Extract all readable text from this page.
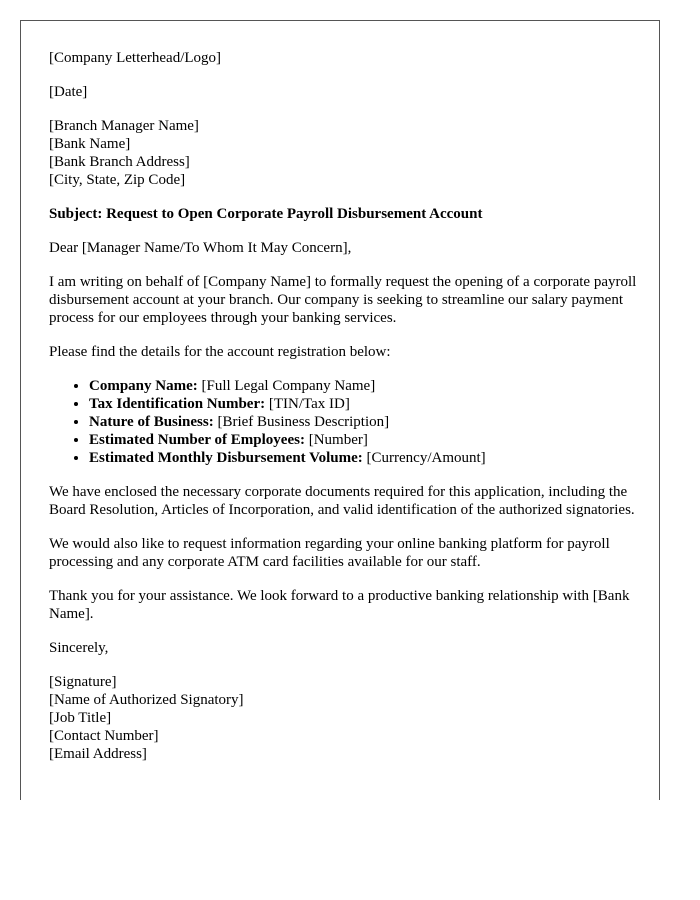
[Company Letterhead/Logo]

[Date]

[Branch Manager Name]
[Bank Name]
[Bank Branch Address]
[City, State, Zip Code]

Subject: Request to Open Corporate Payroll Disbursement Account

Dear [Manager Name/To Whom It May Concern],

I am writing on behalf of [Company Name] to formally request the opening of a corporate payroll disbursement account at your branch. Our company is seeking to streamline our salary payment process for our employees through your banking services.

Please find the details for the account registration below:

• Company Name: [Full Legal Company Name]
• Tax Identification Number: [TIN/Tax ID]
• Nature of Business: [Brief Business Description]
• Estimated Number of Employees: [Number]
• Estimated Monthly Disbursement Volume: [Currency/Amount]

We have enclosed the necessary corporate documents required for this application, including the Board Resolution, Articles of Incorporation, and valid identification of the authorized signatories.

We would also like to request information regarding your online banking platform for payroll processing and any corporate ATM card facilities available for our staff.

Thank you for your assistance. We look forward to a productive banking relationship with [Bank Name].

Sincerely,

[Signature]
[Name of Authorized Signatory]
[Job Title]
[Contact Number]
[Email Address]
